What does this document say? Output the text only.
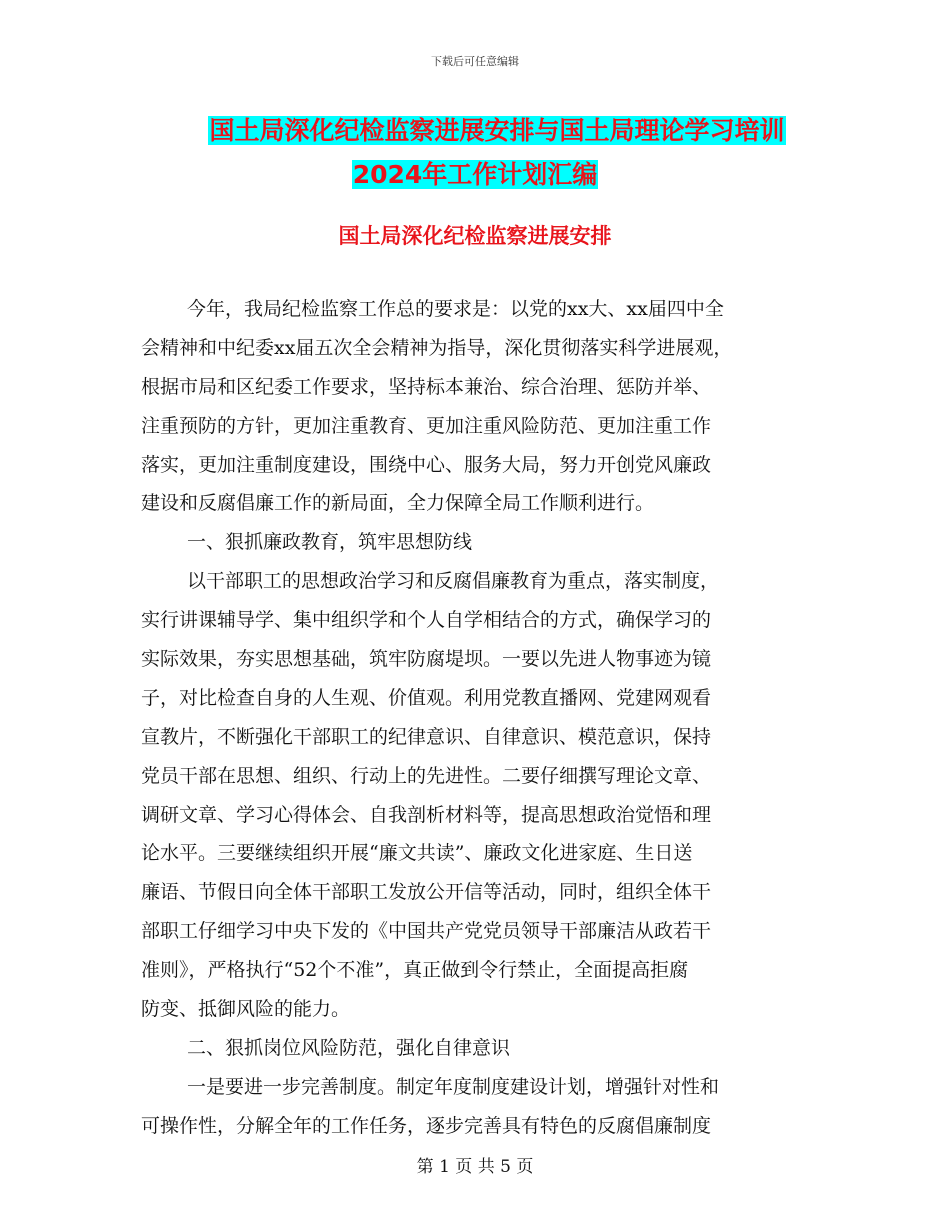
下载后可任意编辑
国土局深化纪检监察进展安排与国土局理论学习培训
2024年工作计划汇编
国土局深化纪检监察进展安排
今年，我局纪检监察工作总的要求是：以党的xx大、xx届四中全
会精神和中纪委xx届五次全会精神为指导，深化贯彻落实科学进展观，
根据市局和区纪委工作要求，坚持标本兼治、综合治理、惩防并举、
注重预防的方针，更加注重教育、更加注重风险防范、更加注重工作
落实，更加注重制度建设，围绕中心、服务大局，努力开创党风廉政
建设和反腐倡廉工作的新局面，全力保障全局工作顺利进行。
一、狠抓廉政教育，筑牢思想防线
以干部职工的思想政治学习和反腐倡廉教育为重点，落实制度，
实行讲课辅导学、集中组织学和个人自学相结合的方式，确保学习的
实际效果，夯实思想基础，筑牢防腐堤坝。一要以先进人物事迹为镜
子，对比检查自身的人生观、价值观。利用党教直播网、党建网观看
宣教片，不断强化干部职工的纪律意识、自律意识、模范意识，保持
党员干部在思想、组织、行动上的先进性。二要仔细撰写理论文章、
调研文章、学习心得体会、自我剖析材料等，提高思想政治觉悟和理
论水平。三要继续组织开展“廉文共读”、廉政文化进家庭、生日送
廉语、节假日向全体干部职工发放公开信等活动，同时，组织全体干
部职工仔细学习中央下发的《中国共产党党员领导干部廉洁从政若干
准则》，严格执行“52个不准”，真正做到令行禁止，全面提高拒腐
防变、抵御风险的能力。
二、狠抓岗位风险防范，强化自律意识
一是要进一步完善制度。制定年度制度建设计划，增强针对性和
可操作性，分解全年的工作任务，逐步完善具有特色的反腐倡廉制度
第 1 页 共 5 页
